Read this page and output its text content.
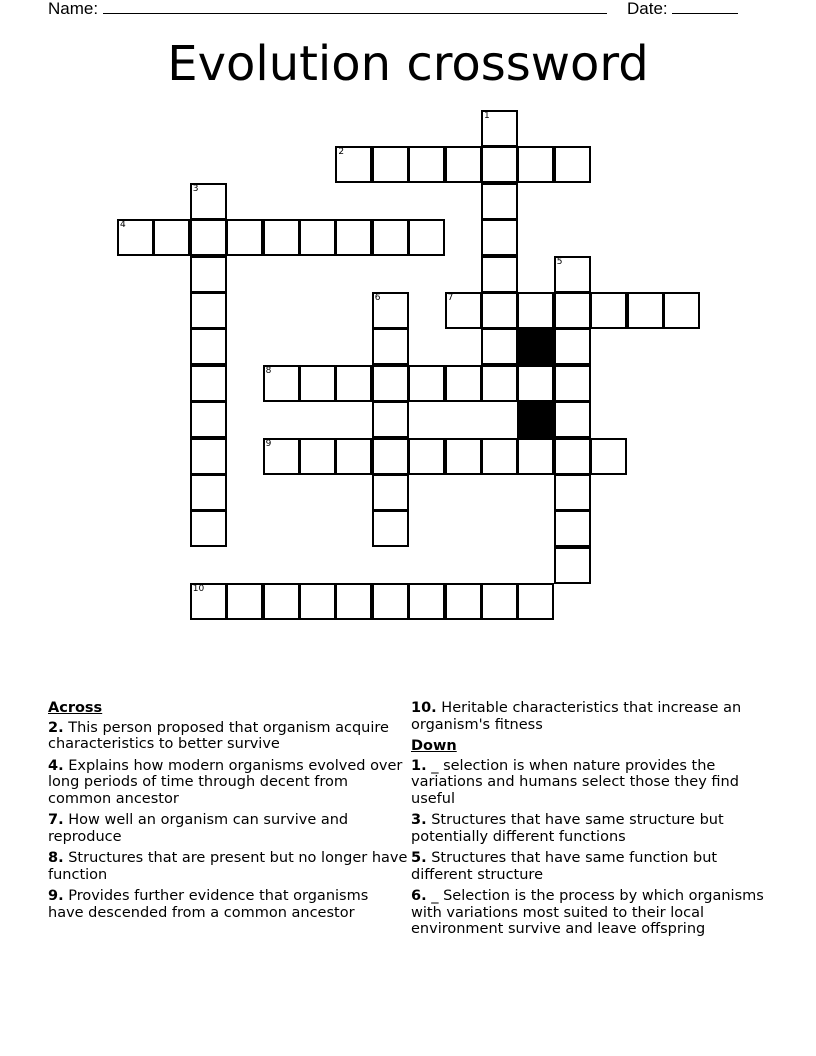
Name:	Date:
Evolution crossword
2
4
7
8
9
10
1
3
5
6
Across
2. This person proposed that organism acquire characteristics to better survive
4. Explains how modern organisms evolved over long periods of time through decent from common ancestor
7. How well an organism can survive and reproduce
8. Structures that are present but no longer have function
9. Provides further evidence that organisms have descended from a common ancestor
10. Heritable characteristics that increase an organism's fitness
Down
1. _ selection is when nature provides the variations and humans select those they find useful
3. Structures that have same structure but potentially different functions
5. Structures that have same function but different structure
6. _ Selection is the process by which organisms with variations most suited to their local environment survive and leave offspring
